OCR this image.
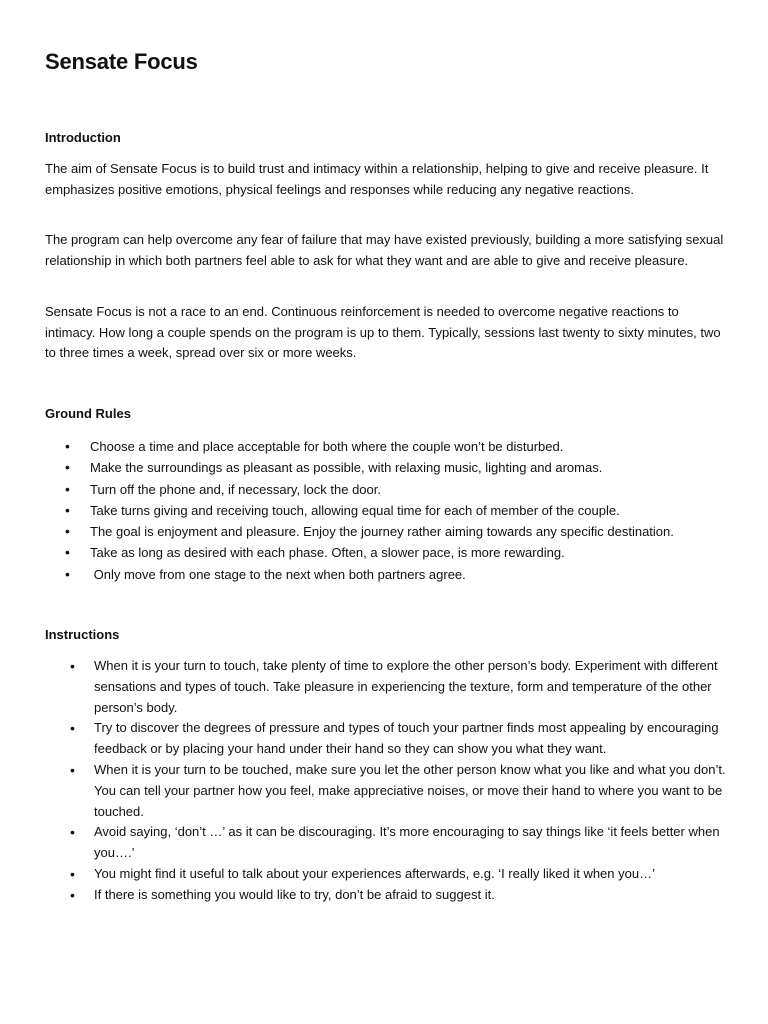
Sensate Focus
Introduction

The aim of Sensate Focus is to build trust and intimacy within a relationship, helping to give and receive pleasure. It emphasizes positive emotions, physical feelings and responses while reducing any negative reactions.

The program can help overcome any fear of failure that may have existed previously, building a more satisfying sexual relationship in which both partners feel able to ask for what they want and are able to give and receive pleasure.

Sensate Focus is not a race to an end. Continuous reinforcement is needed to overcome negative reactions to intimacy. How long a couple spends on the program is up to them. Typically, sessions last twenty to sixty minutes, two to three times a week, spread over six or more weeks.

Ground Rules
• Choose a time and place acceptable for both where the couple won’t be disturbed.
• Make the surroundings as pleasant as possible, with relaxing music, lighting and aromas.
• Turn off the phone and, if necessary, lock the door.
• Take turns giving and receiving touch, allowing equal time for each of member of the couple.
• The goal is enjoyment and pleasure. Enjoy the journey rather aiming towards any specific destination.
• Take as long as desired with each phase. Often, a slower pace, is more rewarding.
• Only move from one stage to the next when both partners agree.
Instructions
• When it is your turn to touch, take plenty of time to explore the other person’s body. Experiment with different sensations and types of touch. Take pleasure in experiencing the texture, form and temperature of the other person’s body.
• Try to discover the degrees of pressure and types of touch your partner finds most appealing by encouraging feedback or by placing your hand under their hand so they can show you what they want.
• When it is your turn to be touched, make sure you let the other person know what you like and what you don’t. You can tell your partner how you feel, make appreciative noises, or move their hand to where you want to be touched.
• Avoid saying, ‘don’t …’ as it can be discouraging. It’s more encouraging to say things like ‘it feels better when you….’
• You might find it useful to talk about your experiences afterwards, e.g. ‘I really liked it when you…’
• If there is something you would like to try, don’t be afraid to suggest it.
